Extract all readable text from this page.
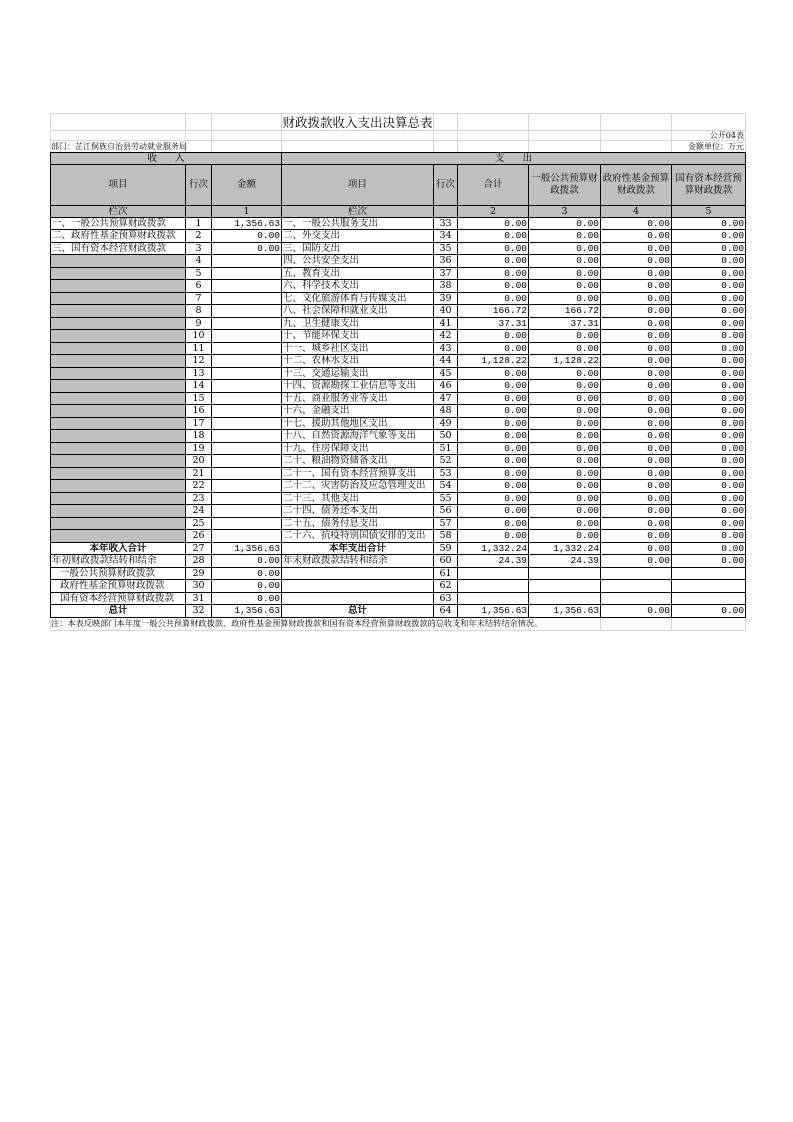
			财政拨款收入支出决算总表					
								公开04表
部门：芷江侗族自治县劳动就业服务局								金额单位：万元
收      入			支      出					
项目	行次	金额	项目	行次	合计	一般公共预算财政拨款	政府性基金预算财政拨款	国有资本经营预算财政拨款
栏次		1	栏次		2	3	4	5
一、一般公共预算财政拨款	1	1,356.63	一、一般公共服务支出	33	0.00	0.00	0.00	0.00
二、政府性基金预算财政拨款	2	0.00	二、外交支出	34	0.00	0.00	0.00	0.00
三、国有资本经营财政拨款	3	0.00	三、国防支出	35	0.00	0.00	0.00	0.00
	4		四、公共安全支出	36	0.00	0.00	0.00	0.00
	5		五、教育支出	37	0.00	0.00	0.00	0.00
	6		六、科学技术支出	38	0.00	0.00	0.00	0.00
	7		七、文化旅游体育与传媒支出	39	0.00	0.00	0.00	0.00
	8		八、社会保障和就业支出	40	166.72	166.72	0.00	0.00
	9		九、卫生健康支出	41	37.31	37.31	0.00	0.00
	10		十、节能环保支出	42	0.00	0.00	0.00	0.00
	11		十一、城乡社区支出	43	0.00	0.00	0.00	0.00
	12		十二、农林水支出	44	1,128.22	1,128.22	0.00	0.00
	13		十三、交通运输支出	45	0.00	0.00	0.00	0.00
	14		十四、资源勘探工业信息等支出	46	0.00	0.00	0.00	0.00
	15		十五、商业服务业等支出	47	0.00	0.00	0.00	0.00
	16		十六、金融支出	48	0.00	0.00	0.00	0.00
	17		十七、援助其他地区支出	49	0.00	0.00	0.00	0.00
	18		十八、自然资源海洋气象等支出	50	0.00	0.00	0.00	0.00
	19		十九、住房保障支出	51	0.00	0.00	0.00	0.00
	20		二十、粮油物资储备支出	52	0.00	0.00	0.00	0.00
	21		二十一、国有资本经营预算支出	53	0.00	0.00	0.00	0.00
	22		二十二、灾害防治及应急管理支出	54	0.00	0.00	0.00	0.00
	23		二十三、其他支出	55	0.00	0.00	0.00	0.00
	24		二十四、债务还本支出	56	0.00	0.00	0.00	0.00
	25		二十五、债务付息支出	57	0.00	0.00	0.00	0.00
	26		二十六、抗疫特别国债安排的支出	58	0.00	0.00	0.00	0.00
本年收入合计	27	1,356.63	本年支出合计	59	1,332.24	1,332.24	0.00	0.00
年初财政拨款结转和结余	28	0.00	年末财政拨款结转和结余	60	24.39	24.39	0.00	0.00
一般公共预算财政拨款	29	0.00		61				
政府性基金预算财政拨款	30	0.00		62				
国有资本经营预算财政拨款	31	0.00		63				
总计	32	1,356.63	总计	64	1,356.63	1,356.63	0.00	0.00
注：本表反映部门本年度一般公共预算财政拨款、政府性基金预算财政拨款和国有资本经营预算财政拨款的总收支和年末结转结余情况。								
